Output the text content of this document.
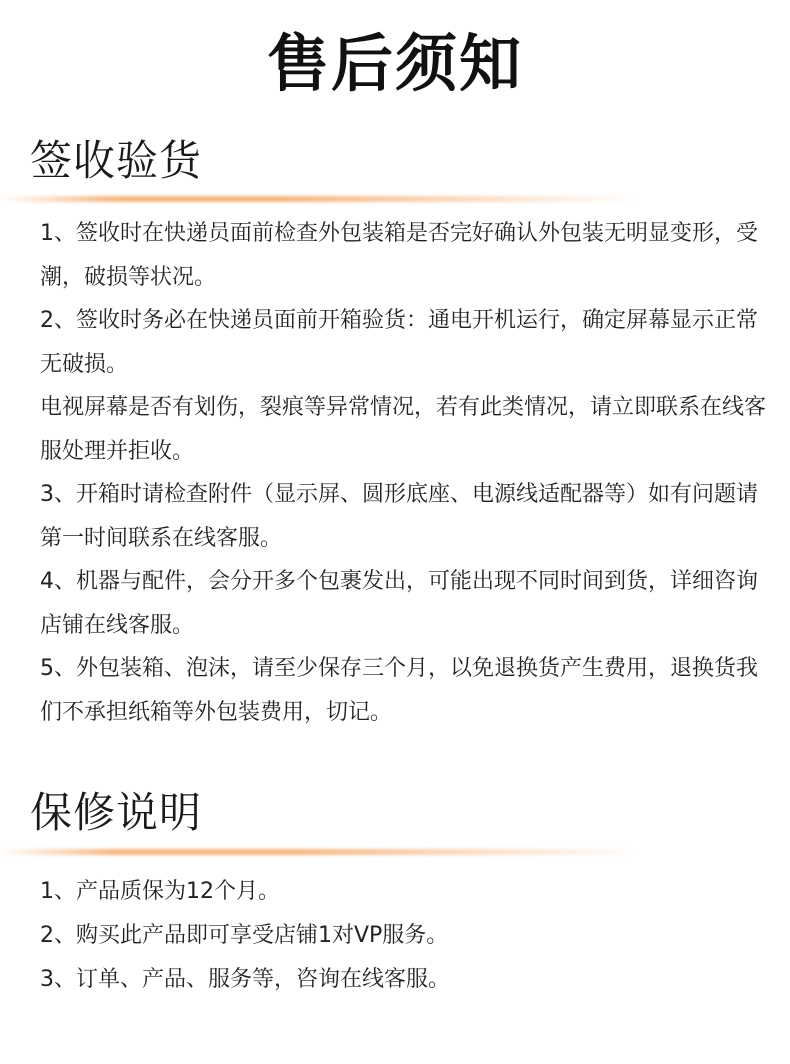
售后须知
签收验货
1、签收时在快递员面前检查外包装箱是否完好确认外包装无明显变形，受潮，破损等状况。
2、签收时务必在快递员面前开箱验货：通电开机运行，确定屏幕显示正常无破损。
电视屏幕是否有划伤，裂痕等异常情况，若有此类情况，请立即联系在线客服处理并拒收。
3、开箱时请检查附件（显示屏、圆形底座、电源线适配器等）如有问题请第一时间联系在线客服。
4、机器与配件，会分开多个包裹发出，可能出现不同时间到货，详细咨询店铺在线客服。
5、外包装箱、泡沫，请至少保存三个月，以免退换货产生费用，退换货我们不承担纸箱等外包装费用，切记。
保修说明
1、产品质保为12个月。
2、购买此产品即可享受店铺1对VP服务。
3、订单、产品、服务等，咨询在线客服。
